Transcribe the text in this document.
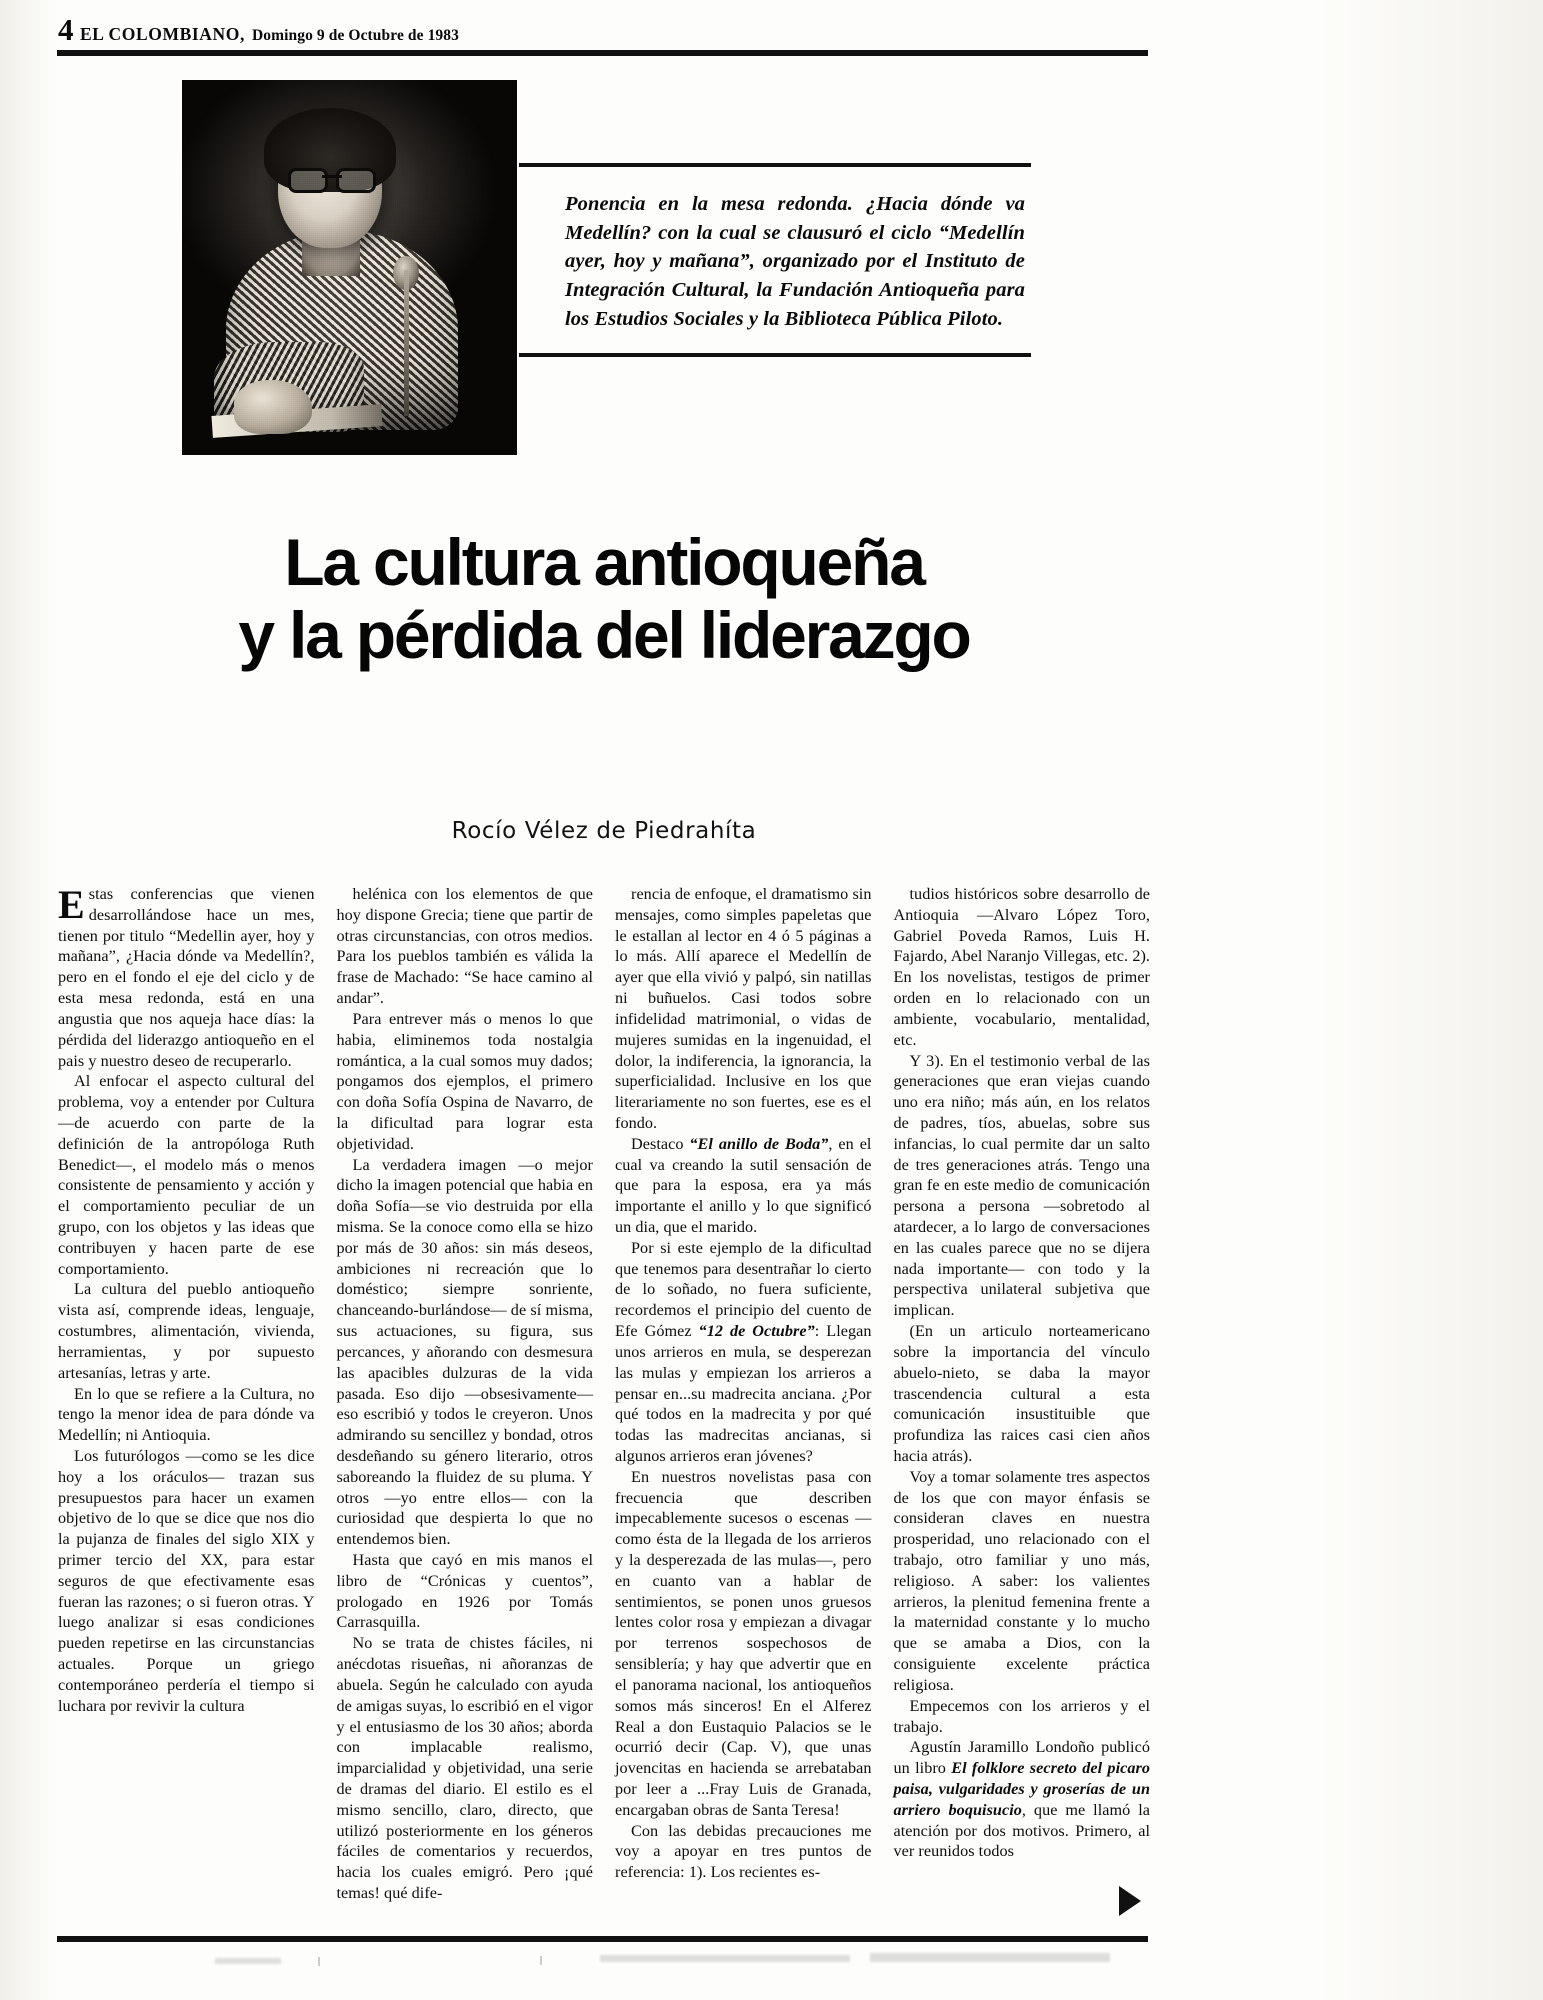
4 EL COLOMBIANO, Domingo 9 de Octubre de 1983
Ponencia en la mesa redonda. ¿Hacia dónde va Medellín? con la cual se clausuró el ciclo “Medellín ayer, hoy y mañana”, organizado por el Instituto de Integración Cultural, la Fundación Antioqueña para los Estudios Sociales y la Biblioteca Pública Piloto.
La cultura antioqueña
y la pérdida del liderazgo
Rocío Vélez de Piedrahíta

Estas conferencias que vienen desarrollándose hace un mes, tienen por titulo “Medellin ayer, hoy y mañana”, ¿Hacia dónde va Medellín?, pero en el fondo el eje del ciclo y de esta mesa redonda, está en una angustia que nos aqueja hace días: la pérdida del liderazgo antioqueño en el pais y nuestro deseo de recuperarlo.

Al enfocar el aspecto cultural del problema, voy a entender por Cultura —de acuerdo con parte de la definición de la antropóloga Ruth Benedict—, el modelo más o menos consistente de pensamiento y acción y el comportamiento peculiar de un grupo, con los objetos y las ideas que contribuyen y hacen parte de ese comportamiento.

La cultura del pueblo antioqueño vista así, comprende ideas, lenguaje, costumbres, alimentación, vivienda, herramientas, y por supuesto artesanías, letras y arte.

En lo que se refiere a la Cultura, no tengo la menor idea de para dónde va Medellín; ni Antioquia.

Los futurólogos —como se les dice hoy a los oráculos— trazan sus presupuestos para hacer un examen objetivo de lo que se dice que nos dio la pujanza de finales del siglo XIX y primer tercio del XX, para estar seguros de que efectivamente esas fueran las razones; o si fueron otras. Y luego analizar si esas condiciones pueden repetirse en las circunstancias actuales. Porque un griego contemporáneo perdería el tiempo si luchara por revivir la cultura

helénica con los elementos de que hoy dispone Grecia; tiene que partir de otras circunstancias, con otros medios. Para los pueblos también es válida la frase de Machado: “Se hace camino al andar”.

Para entrever más o menos lo que habia, eliminemos toda nostalgia romántica, a la cual somos muy dados; pongamos dos ejemplos, el primero con doña Sofía Ospina de Navarro, de la dificultad para lograr esta objetividad.

La verdadera imagen —o mejor dicho la imagen potencial que habia en doña Sofía—se vio destruida por ella misma. Se la conoce como ella se hizo por más de 30 años: sin más deseos, ambiciones ni recreación que lo doméstico; siempre sonriente, chanceando-burlándose— de sí misma, sus actuaciones, su figura, sus percances, y añorando con desmesura las apacibles dulzuras de la vida pasada. Eso dijo —obsesivamente— eso escribió y todos le creyeron. Unos admirando su sencillez y bondad, otros desdeñando su género literario, otros saboreando la fluidez de su pluma. Y otros —yo entre ellos— con la curiosidad que despierta lo que no entendemos bien.

Hasta que cayó en mis manos el libro de “Crónicas y cuentos”, prologado en 1926 por Tomás Carrasquilla.

No se trata de chistes fáciles, ni anécdotas risueñas, ni añoranzas de abuela. Según he calculado con ayuda de amigas suyas, lo escribió en el vigor y el entusiasmo de los 30 años; aborda con implacable realismo, imparcialidad y objetividad, una serie de dramas del diario. El estilo es el mismo sencillo, claro, directo, que utilizó posteriormente en los géneros fáciles de comentarios y recuerdos, hacia los cuales emigró. Pero ¡qué temas! qué dife-

rencia de enfoque, el dramatismo sin mensajes, como simples papeletas que le estallan al lector en 4 ó 5 páginas a lo más. Allí aparece el Medellín de ayer que ella vivió y palpó, sin natillas ni buñuelos. Casi todos sobre infidelidad matrimonial, o vidas de mujeres sumidas en la ingenuidad, el dolor, la indiferencia, la ignorancia, la superficialidad. Inclusive en los que literariamente no son fuertes, ese es el fondo.

Destaco “El anillo de Boda”, en el cual va creando la sutil sensación de que para la esposa, era ya más importante el anillo y lo que significó un dia, que el marido.

Por si este ejemplo de la dificultad que tenemos para desentrañar lo cierto de lo soñado, no fuera suficiente, recordemos el principio del cuento de Efe Gómez “12 de Octubre”: Llegan unos arrieros en mula, se desperezan las mulas y empiezan los arrieros a pensar en...su madrecita anciana. ¿Por qué todos en la madrecita y por qué todas las madrecitas ancianas, si algunos arrieros eran jóvenes?

En nuestros novelistas pasa con frecuencia que describen impecablemente sucesos o escenas —como ésta de la llegada de los arrieros y la desperezada de las mulas—, pero en cuanto van a hablar de sentimientos, se ponen unos gruesos lentes color rosa y empiezan a divagar por terrenos sospechosos de sensiblería; y hay que advertir que en el panorama nacional, los antioqueños somos más sinceros! En el Alferez Real a don Eustaquio Palacios se le ocurrió decir (Cap. V), que unas jovencitas en hacienda se arrebataban por leer a ...Fray Luis de Granada, encargaban obras de Santa Teresa!

Con las debidas precauciones me voy a apoyar en tres puntos de referencia: 1). Los recientes es-

tudios históricos sobre desarrollo de Antioquia —Alvaro López Toro, Gabriel Poveda Ramos, Luis H. Fajardo, Abel Naranjo Villegas, etc. 2). En los novelistas, testigos de primer orden en lo relacionado con un ambiente, vocabulario, mentalidad, etc.

Y 3). En el testimonio verbal de las generaciones que eran viejas cuando uno era niño; más aún, en los relatos de padres, tíos, abuelas, sobre sus infancias, lo cual permite dar un salto de tres generaciones atrás. Tengo una gran fe en este medio de comunicación persona a persona —sobretodo al atardecer, a lo largo de conversaciones en las cuales parece que no se dijera nada importante— con todo y la perspectiva unilateral subjetiva que implican.

(En un articulo norteamericano sobre la importancia del vínculo abuelo-nieto, se daba la mayor trascendencia cultural a esta comunicación insustituible que profundiza las raices casi cien años hacia atrás).

Voy a tomar solamente tres aspectos de los que con mayor énfasis se consideran claves en nuestra prosperidad, uno relacionado con el trabajo, otro familiar y uno más, religioso. A saber: los valientes arrieros, la plenitud femenina frente a la maternidad constante y lo mucho que se amaba a Dios, con la consiguiente excelente práctica religiosa.

Empecemos con los arrieros y el trabajo.

Agustín Jaramillo Londoño publicó un libro El folklore secreto del picaro paisa, vulgaridades y groserías de un arriero boquisucio, que me llamó la atención por dos motivos. Primero, al ver reunidos todos
